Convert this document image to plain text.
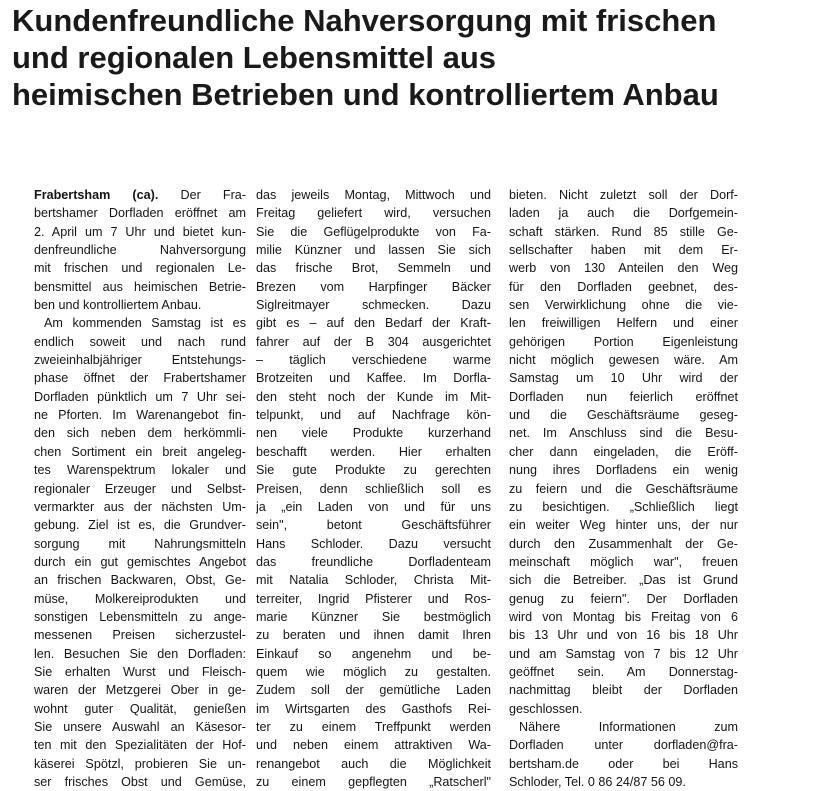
Kundenfreundliche Nahversorgung mit frischen
und regionalen Lebensmittel aus
heimischen Betrieben und kontrolliertem Anbau
Frabertsham (ca). Der Fra-
bertshamer Dorfladen eröffnet am
2. April um 7 Uhr und bietet kun-
denfreundliche Nahversorgung
mit frischen und regionalen Le-
bensmittel aus heimischen Betrie-
ben und kontrolliertem Anbau.
Am kommenden Samstag ist es
endlich soweit und nach rund
zweieinhalbjähriger Entstehungs-
phase öffnet der Frabertshamer
Dorfladen pünktlich um 7 Uhr sei-
ne Pforten. Im Warenangebot fin-
den sich neben dem herkömmli-
chen Sortiment ein breit angeleg-
tes Warenspektrum lokaler und
regionaler Erzeuger und Selbst-
vermarkter aus der nächsten Um-
gebung. Ziel ist es, die Grundver-
sorgung mit Nahrungsmitteln
durch ein gut gemischtes Angebot
an frischen Backwaren, Obst, Ge-
müse, Molkereiprodukten und
sonstigen Lebensmitteln zu ange-
messenen Preisen sicherzustel-
len. Besuchen Sie den Dorfladen:
Sie erhalten Wurst und Fleisch-
waren der Metzgerei Ober in ge-
wohnt guter Qualität, genießen
Sie unsere Auswahl an Käsesor-
ten mit den Spezialitäten der Hof-
käserei Spötzl, probieren Sie un-
ser frisches Obst und Gemüse,
das jeweils Montag, Mittwoch und
Freitag geliefert wird, versuchen
Sie die Geflügelprodukte von Fa-
milie Künzner und lassen Sie sich
das frische Brot, Semmeln und
Brezen vom Harpfinger Bäcker
Siglreitmayer schmecken. Dazu
gibt es – auf den Bedarf der Kraft-
fahrer auf der B 304 ausgerichtet
– täglich verschiedene warme
Brotzeiten und Kaffee. Im Dorfla-
den steht noch der Kunde im Mit-
telpunkt, und auf Nachfrage kön-
nen viele Produkte kurzerhand
beschafft werden. Hier erhalten
Sie gute Produkte zu gerechten
Preisen, denn schließlich soll es
ja „ein Laden von und für uns
sein", betont Geschäftsführer
Hans Schloder. Dazu versucht
das freundliche Dorfladenteam
mit Natalia Schloder, Christa Mit-
terreiter, Ingrid Pfisterer und Ros-
marie Künzner Sie bestmöglich
zu beraten und ihnen damit Ihren
Einkauf so angenehm und be-
quem wie möglich zu gestalten.
Zudem soll der gemütliche Laden
im Wirtsgarten des Gasthofs Rei-
ter zu einem Treffpunkt werden
und neben einem attraktiven Wa-
renangebot auch die Möglichkeit
zu einem gepflegten „Ratscherl"
bieten. Nicht zuletzt soll der Dorf-
laden ja auch die Dorfgemein-
schaft stärken. Rund 85 stille Ge-
sellschafter haben mit dem Er-
werb von 130 Anteilen den Weg
für den Dorfladen geebnet, des-
sen Verwirklichung ohne die vie-
len freiwilligen Helfern und einer
gehörigen Portion Eigenleistung
nicht möglich gewesen wäre. Am
Samstag um 10 Uhr wird der
Dorfladen nun feierlich eröffnet
und die Geschäftsräume geseg-
net. Im Anschluss sind die Besu-
cher dann eingeladen, die Eröff-
nung ihres Dorfladens ein wenig
zu feiern und die Geschäftsräume
zu besichtigen. „Schließlich liegt
ein weiter Weg hinter uns, der nur
durch den Zusammenhalt der Ge-
meinschaft möglich war", freuen
sich die Betreiber. „Das ist Grund
genug zu feiern". Der Dorfladen
wird von Montag bis Freitag von 6
bis 13 Uhr und von 16 bis 18 Uhr
und am Samstag von 7 bis 12 Uhr
geöffnet sein. Am Donnerstag-
nachmittag bleibt der Dorfladen
geschlossen.
Nähere Informationen zum
Dorfladen unter dorfladen@fra-
bertsham.de oder bei Hans
Schloder, Tel. 0 86 24/87 56 09.
